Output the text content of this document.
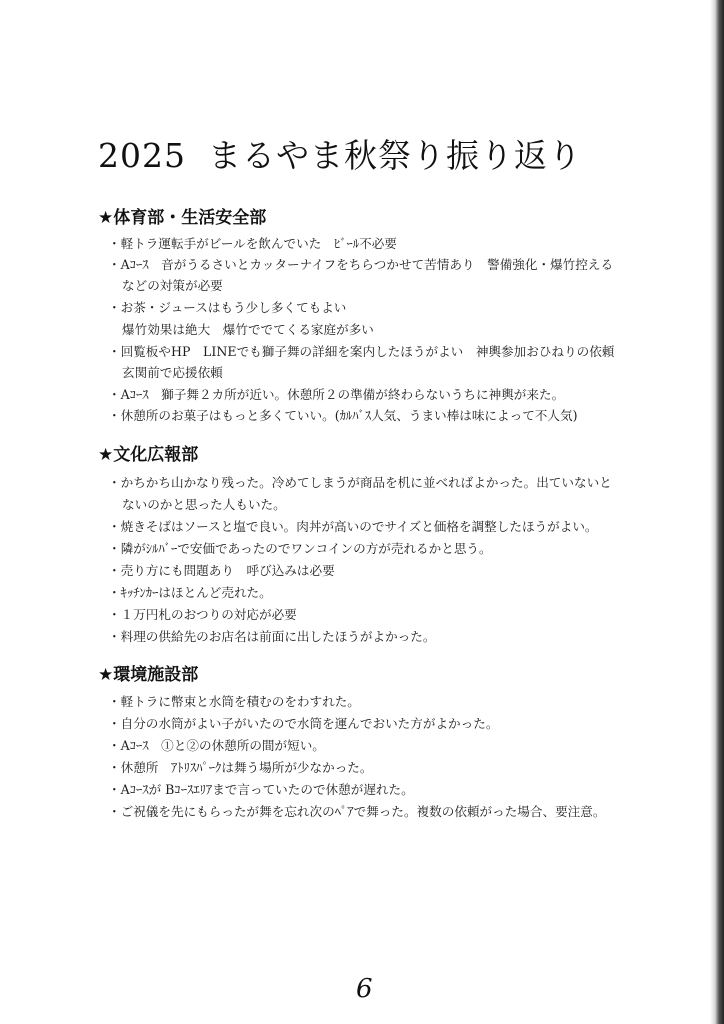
2025 まるやま秋祭り振り返り
★体育部・生活安全部
・軽トラ運転手がビールを飲んでいた　ﾋﾞｰﾙ不必要
・Aｺｰｽ　音がうるさいとカッターナイフをちらつかせて苦情あり　警備強化・爆竹控える
などの対策が必要
・お茶・ジュースはもう少し多くてもよい
爆竹効果は絶大　爆竹ででてくる家庭が多い
・回覧板やHP　LINEでも獅子舞の詳細を案内したほうがよい　神輿参加おひねりの依頼
玄関前で応援依頼
・Aｺｰｽ　獅子舞２カ所が近い。休憩所２の準備が終わらないうちに神輿が来た。
・休憩所のお菓子はもっと多くていい。(ｶﾙﾊﾞｽ人気、うまい棒は味によって不人気)
★文化広報部
・かちかち山かなり残った。冷めてしまうが商品を机に並べればよかった。出ていないと
ないのかと思った人もいた。
・焼きそばはソースと塩で良い。肉丼が高いのでサイズと価格を調整したほうがよい。
・隣がｼﾙﾊﾞｰで安価であったのでワンコインの方が売れるかと思う。
・売り方にも問題あり　呼び込みは必要
・ｷｯﾁﾝｶｰはほとんど売れた。
・１万円札のおつりの対応が必要
・料理の供給先のお店名は前面に出したほうがよかった。
★環境施設部
・軽トラに幣束と水筒を積むのをわすれた。
・自分の水筒がよい子がいたので水筒を運んでおいた方がよかった。
・Aｺｰｽ　①と②の休憩所の間が短い。
・休憩所　ｱﾄﾘｽﾊﾟｰｸは舞う場所が少なかった。
・Aｺｰｽが Bｺｰｽｴﾘｱまで言っていたので休憩が遅れた。
・ご祝儀を先にもらったが舞を忘れ次のﾍﾟｱで舞った。複数の依頼がった場合、要注意。
6
